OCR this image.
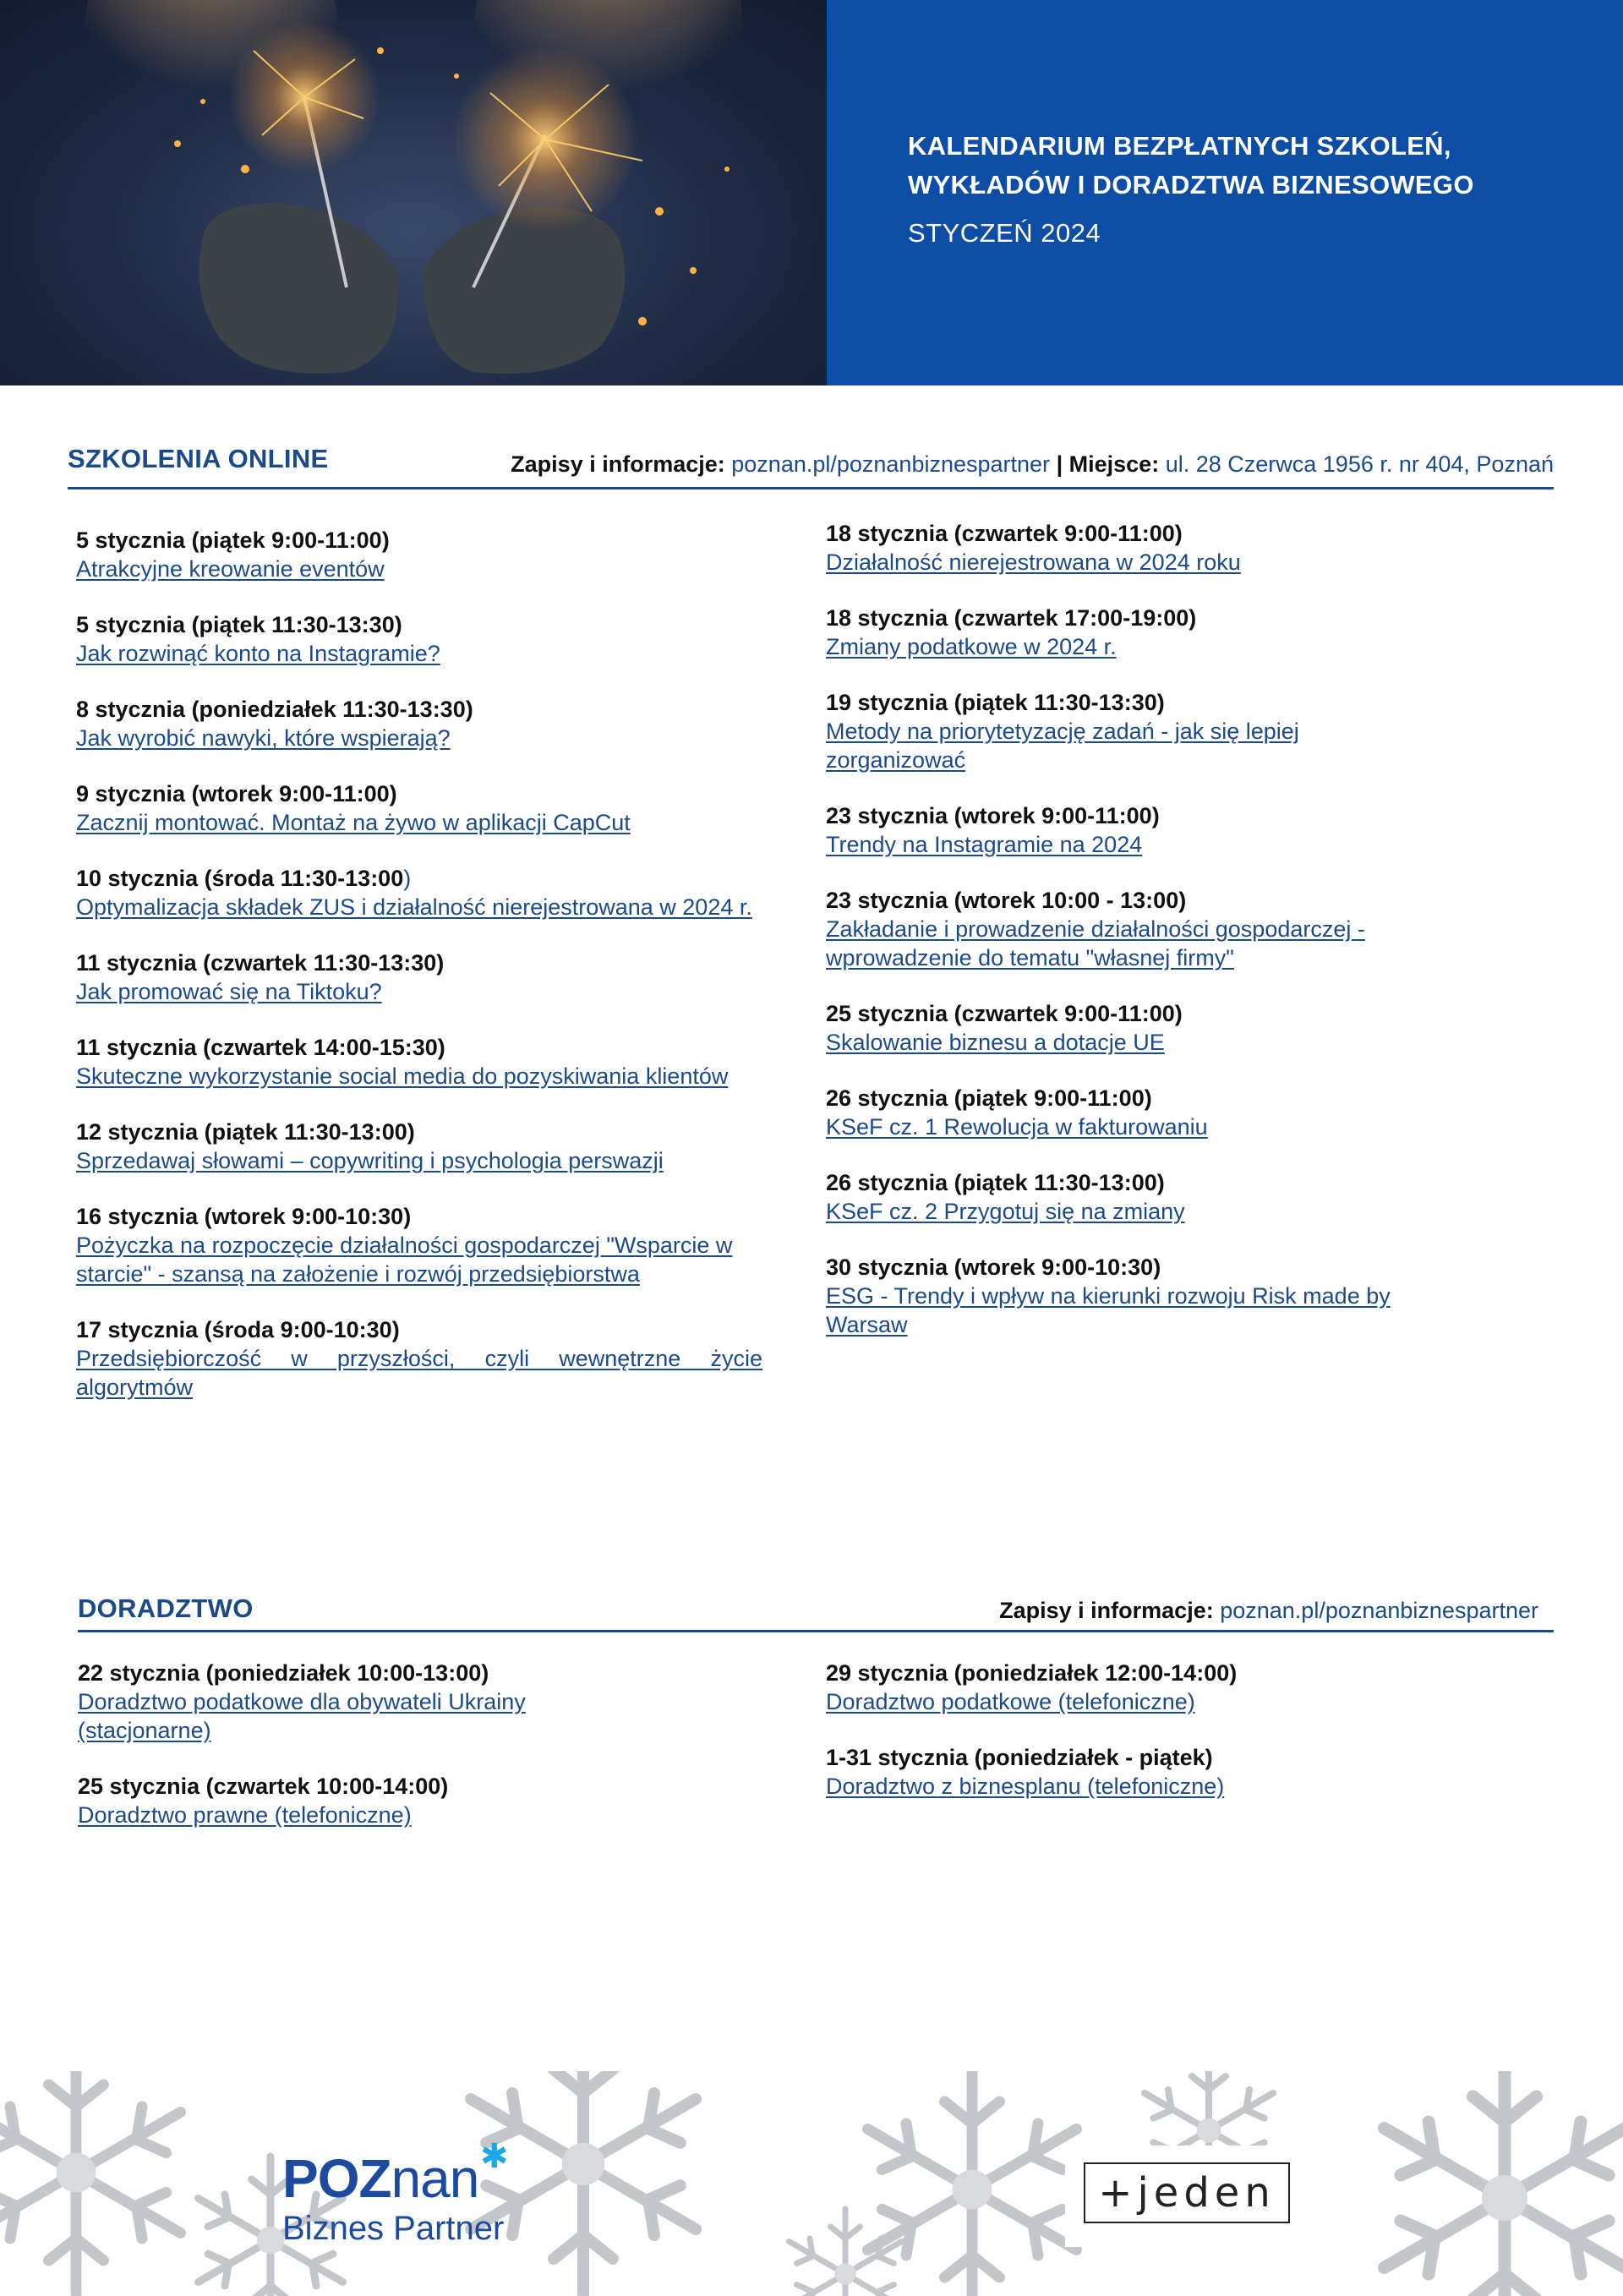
KALENDARIUM BEZPŁATNYCH SZKOLEŃ, WYKŁADÓW I DORADZTWA BIZNESOWEGO
STYCZEŃ 2024
SZKOLENIA ONLINE	Zapisy i informacje: poznan.pl/poznanbiznespartner | Miejsce: ul. 28 Czerwca 1956 r. nr 404, Poznań
5 stycznia (piątek 9:00-11:00)
Atrakcyjne kreowanie eventów
5 stycznia (piątek 11:30-13:30)
Jak rozwinąć konto na Instagramie?
8 stycznia (poniedziałek 11:30-13:30)
Jak wyrobić nawyki, które wspierają?
9 stycznia (wtorek 9:00-11:00)
Zacznij montować. Montaż na żywo w aplikacji CapCut
10 stycznia (środa 11:30-13:00)
Optymalizacja składek ZUS i działalność nierejestrowana w 2024 r.
11 stycznia (czwartek 11:30-13:30)
Jak promować się na Tiktoku?
11 stycznia (czwartek 14:00-15:30)
Skuteczne wykorzystanie social media do pozyskiwania klientów
12 stycznia (piątek 11:30-13:00)
Sprzedawaj słowami – copywriting i psychologia perswazji
16 stycznia (wtorek 9:00-10:30)
Pożyczka na rozpoczęcie działalności gospodarczej "Wsparcie w starcie" - szansą na założenie i rozwój przedsiębiorstwa
17 stycznia (środa 9:00-10:30)
Przedsiębiorczość w przyszłości, czyli wewnętrzne życie algorytmów
18 stycznia (czwartek 9:00-11:00)
Działalność nierejestrowana w 2024 roku
18 stycznia (czwartek 17:00-19:00)
Zmiany podatkowe w 2024 r.
19 stycznia (piątek 11:30-13:30)
Metody na priorytetyzację zadań - jak się lepiej zorganizować
23 stycznia (wtorek 9:00-11:00)
Trendy na Instagramie na 2024
23 stycznia (wtorek 10:00 - 13:00)
Zakładanie i prowadzenie działalności gospodarczej - wprowadzenie do tematu "własnej firmy"
25 stycznia (czwartek 9:00-11:00)
Skalowanie biznesu a dotacje UE
26 stycznia (piątek 9:00-11:00)
KSeF cz. 1 Rewolucja w fakturowaniu
26 stycznia (piątek 11:30-13:00)
KSeF cz. 2 Przygotuj się na zmiany
30 stycznia (wtorek 9:00-10:30)
ESG - Trendy i wpływ na kierunki rozwoju Risk made by Warsaw
DORADZTWO	Zapisy i informacje: poznan.pl/poznanbiznespartner
22 stycznia (poniedziałek 10:00-13:00)
Doradztwo podatkowe dla obywateli Ukrainy (stacjonarne)
25 stycznia (czwartek 10:00-14:00)
Doradztwo prawne (telefoniczne)
29 stycznia (poniedziałek 12:00-14:00)
Doradztwo podatkowe (telefoniczne)
1-31 stycznia (poniedziałek - piątek)
Doradztwo z biznesplanu (telefoniczne)
POZnan ✱
Biznes Partner
+jeden
